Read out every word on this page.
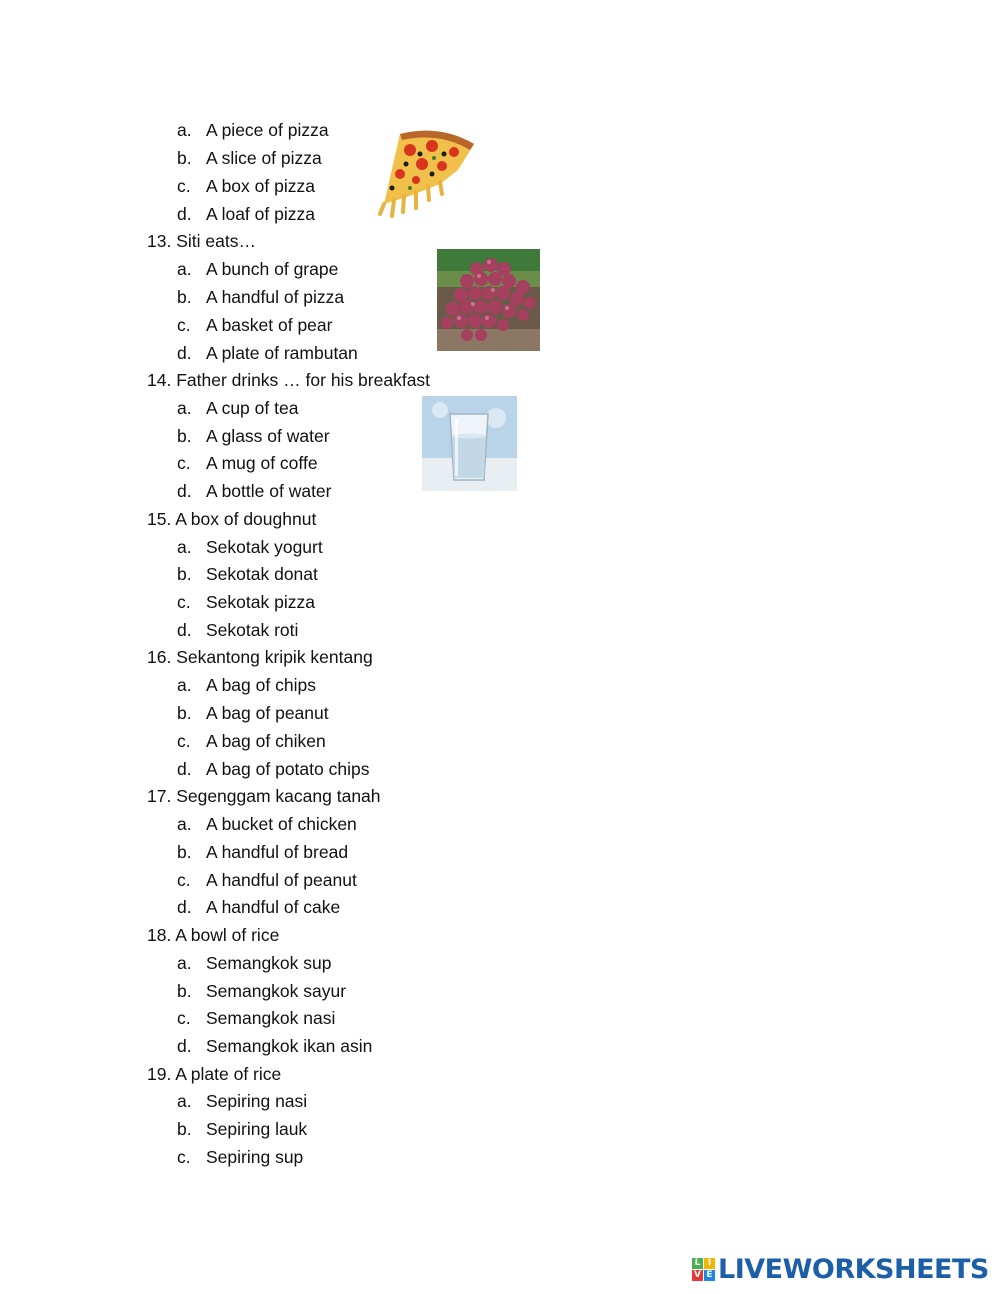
a. A piece of pizza
b. A slice of pizza
c. A box of pizza
d. A loaf of pizza
13. Siti eats…
a. A bunch of grape
b. A handful of pizza
c. A basket of pear
d. A plate of rambutan
14. Father drinks … for his breakfast
a. A cup of tea
b. A glass of water
c. A mug of coffe
d. A bottle of water
15. A box of doughnut
a. Sekotak yogurt
b. Sekotak donat
c. Sekotak pizza
d. Sekotak roti
16. Sekantong kripik kentang
a. A bag of chips
b. A bag of peanut
c. A bag of chiken
d. A bag of potato chips
17. Segenggam kacang tanah
a. A bucket of chicken
b. A handful of bread
c. A handful of peanut
d. A handful of cake
18. A bowl of rice
a. Semangkok sup
b. Semangkok sayur
c. Semangkok nasi
d. Semangkok ikan asin
19. A plate of rice
a. Sepiring nasi
b. Sepiring lauk
c. Sepiring sup
L I
V E LIVEWORKSHEETS
